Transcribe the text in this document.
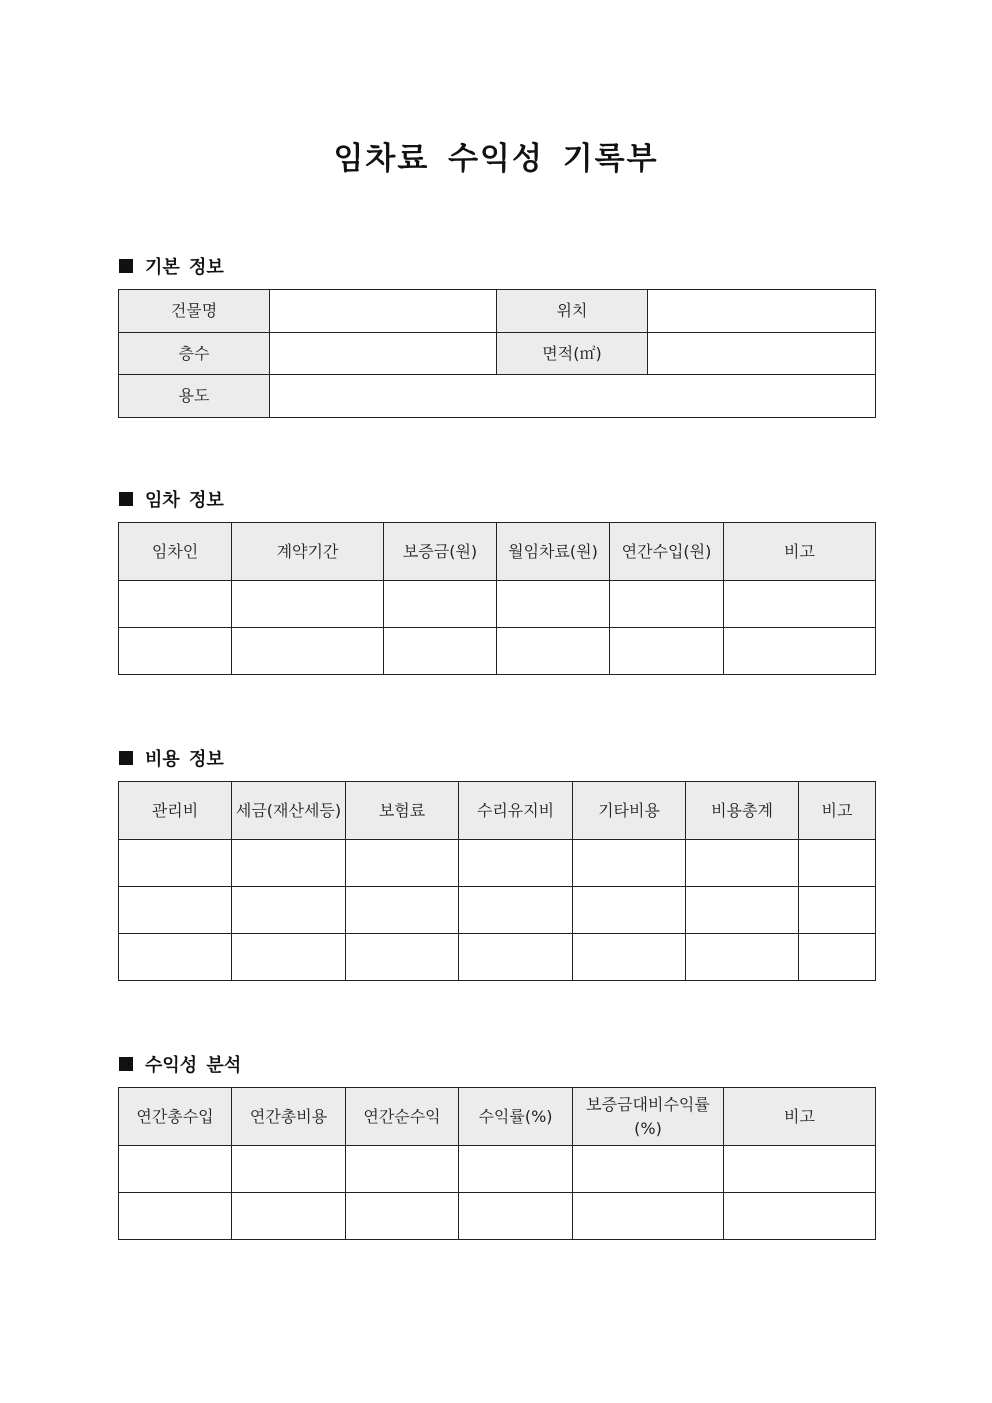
임차료 수익성 기록부
기본 정보
건물명		위치	
층수		면적(㎡)	
용도			
임차 정보
임차인	계약기간	보증금(원)	월임차료(원)	연간수입(원)	비고

비용 정보
관리비	세금(재산세등)	보험료	수리유지비	기타비용	비용총계	비고

수익성 분석
연간총수입	연간총비용	연간순수익	수익률(%)	보증금대비수익률(%)	비고
